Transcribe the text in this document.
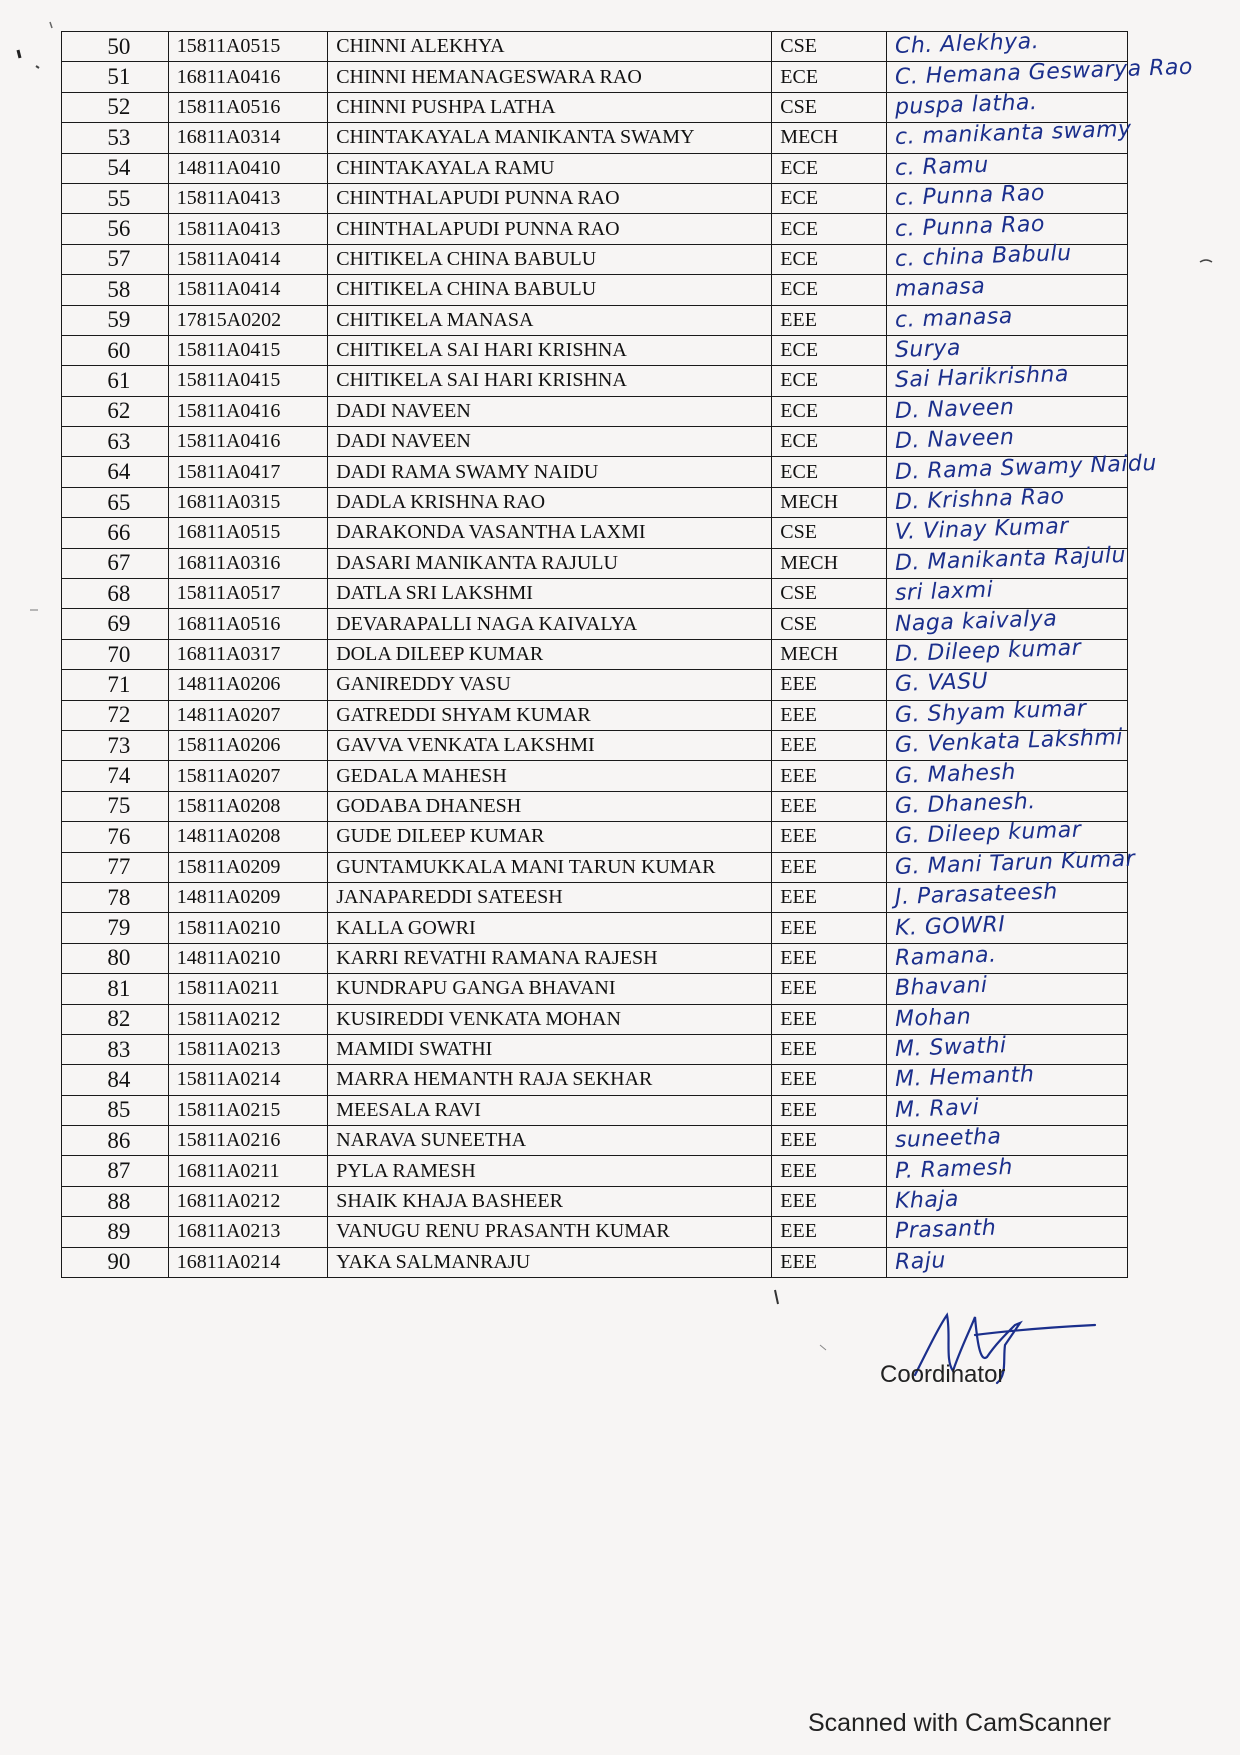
50	15811A0515	CHINNI ALEKHYA	CSE	Ch. Alekhya.
51	16811A0416	CHINNI HEMANAGESWARA RAO	ECE	C. Hemana Geswarya Rao
52	15811A0516	CHINNI PUSHPA LATHA	CSE	puspa latha.
53	16811A0314	CHINTAKAYALA MANIKANTA SWAMY	MECH	c. manikanta swamy
54	14811A0410	CHINTAKAYALA RAMU	ECE	c. Ramu
55	15811A0413	CHINTHALAPUDI PUNNA RAO	ECE	c. Punna Rao
56	15811A0413	CHINTHALAPUDI PUNNA RAO	ECE	c. Punna Rao
57	15811A0414	CHITIKELA CHINA BABULU	ECE	c. china Babulu
58	15811A0414	CHITIKELA CHINA BABULU	ECE	manasa
59	17815A0202	CHITIKELA MANASA	EEE	c. manasa
60	15811A0415	CHITIKELA SAI HARI KRISHNA	ECE	Surya
61	15811A0415	CHITIKELA SAI HARI KRISHNA	ECE	Sai Harikrishna
62	15811A0416	DADI NAVEEN	ECE	D. Naveen
63	15811A0416	DADI NAVEEN	ECE	D. Naveen
64	15811A0417	DADI RAMA SWAMY NAIDU	ECE	D. Rama Swamy Naidu
65	16811A0315	DADLA KRISHNA RAO	MECH	D. Krishna Rao
66	16811A0515	DARAKONDA VASANTHA LAXMI	CSE	V. Vinay Kumar
67	16811A0316	DASARI MANIKANTA RAJULU	MECH	D. Manikanta Rajulu
68	15811A0517	DATLA SRI LAKSHMI	CSE	sri laxmi
69	16811A0516	DEVARAPALLI NAGA KAIVALYA	CSE	Naga kaivalya
70	16811A0317	DOLA DILEEP KUMAR	MECH	D. Dileep kumar
71	14811A0206	GANIREDDY VASU	EEE	G. VASU
72	14811A0207	GATREDDI SHYAM KUMAR	EEE	G. Shyam kumar
73	15811A0206	GAVVA VENKATA LAKSHMI	EEE	G. Venkata Lakshmi
74	15811A0207	GEDALA MAHESH	EEE	G. Mahesh
75	15811A0208	GODABA DHANESH	EEE	G. Dhanesh.
76	14811A0208	GUDE DILEEP KUMAR	EEE	G. Dileep kumar
77	15811A0209	GUNTAMUKKALA MANI TARUN KUMAR	EEE	G. Mani Tarun Kumar
78	14811A0209	JANAPAREDDI SATEESH	EEE	J. Parasateesh
79	15811A0210	KALLA GOWRI	EEE	K. GOWRI
80	14811A0210	KARRI REVATHI RAMANA RAJESH	EEE	Ramana.
81	15811A0211	KUNDRAPU GANGA BHAVANI	EEE	Bhavani
82	15811A0212	KUSIREDDI VENKATA MOHAN	EEE	Mohan
83	15811A0213	MAMIDI SWATHI	EEE	M. Swathi
84	15811A0214	MARRA HEMANTH RAJA SEKHAR	EEE	M. Hemanth
85	15811A0215	MEESALA RAVI	EEE	M. Ravi
86	15811A0216	NARAVA SUNEETHA	EEE	suneetha
87	16811A0211	PYLA RAMESH	EEE	P. Ramesh
88	16811A0212	SHAIK KHAJA BASHEER	EEE	Khaja
89	16811A0213	VANUGU RENU PRASANTH KUMAR	EEE	Prasanth
90	16811A0214	YAKA SALMANRAJU	EEE	Raju
Coordinator
Scanned with CamScanner
